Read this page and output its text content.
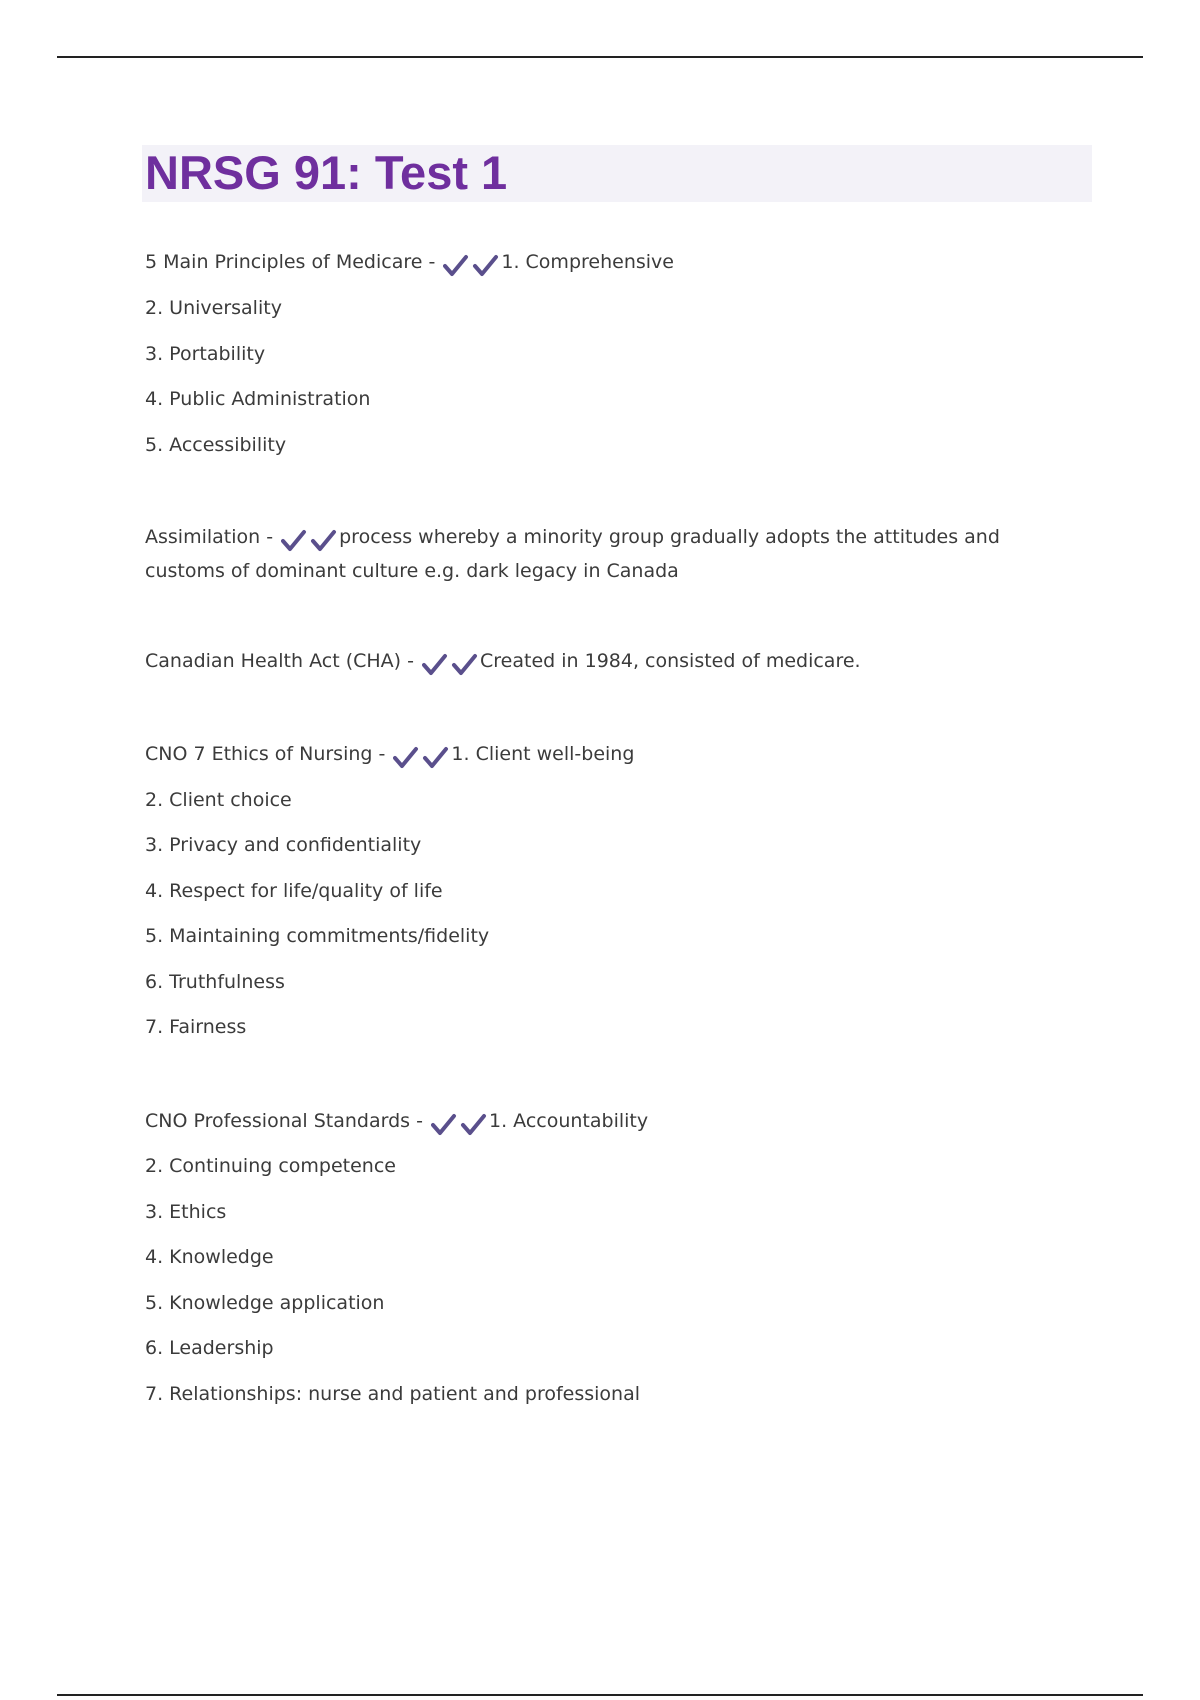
NRSG 91: Test 1
5 Main Principles of Medicare -	1. Comprehensive
2. Universality
3. Portability
4. Public Administration
5. Accessibility
Assimilation -	process whereby a minority group gradually adopts the attitudes and customs of dominant culture e.g. dark legacy in Canada
Canadian Health Act (CHA) -	Created in 1984, consisted of medicare.
CNO 7 Ethics of Nursing -	1. Client well-being
2. Client choice
3. Privacy and confidentiality
4. Respect for life/quality of life
5. Maintaining commitments/fidelity
6. Truthfulness
7. Fairness
CNO Professional Standards -	1. Accountability
2. Continuing competence
3. Ethics
4. Knowledge
5. Knowledge application
6. Leadership
7. Relationships: nurse and patient and professional
